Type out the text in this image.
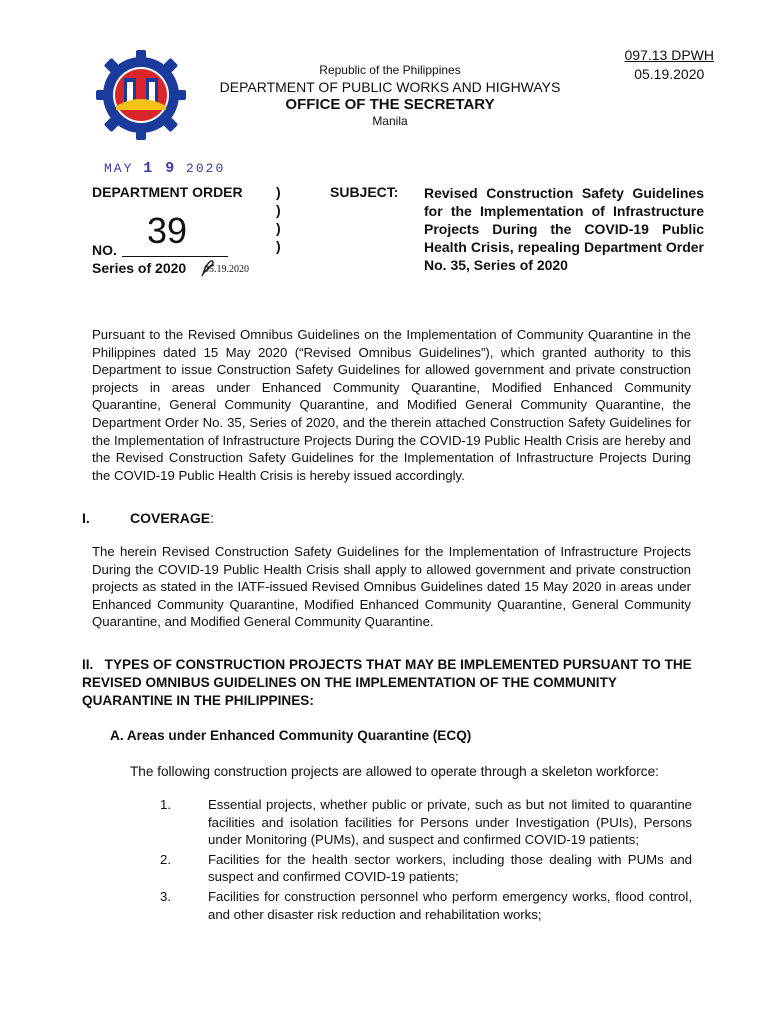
097.13 DPWH
05.19.2020
Republic of the Philippines
DEPARTMENT OF PUBLIC WORKS AND HIGHWAYS
OFFICE OF THE SECRETARY
Manila
MAY 1 9 2020
DEPARTMENT ORDER
39
NO.
Series of 2020 05.19.2020
)
)
)
)
SUBJECT: Revised Construction Safety Guidelines for the Implementation of Infrastructure Projects During the COVID-19 Public Health Crisis, repealing Department Order No. 35, Series of 2020
Pursuant to the Revised Omnibus Guidelines on the Implementation of Community Quarantine in the Philippines dated 15 May 2020 (“Revised Omnibus Guidelines”), which granted authority to this Department to issue Construction Safety Guidelines for allowed government and private construction projects in areas under Enhanced Community Quarantine, Modified Enhanced Community Quarantine, General Community Quarantine, and Modified General Community Quarantine, the Department Order No. 35, Series of 2020, and the therein attached Construction Safety Guidelines for the Implementation of Infrastructure Projects During the COVID-19 Public Health Crisis are hereby and the Revised Construction Safety Guidelines for the Implementation of Infrastructure Projects During the COVID-19 Public Health Crisis is hereby issued accordingly.
I.	COVERAGE:
The herein Revised Construction Safety Guidelines for the Implementation of Infrastructure Projects During the COVID-19 Public Health Crisis shall apply to allowed government and private construction projects as stated in the IATF-issued Revised Omnibus Guidelines dated 15 May 2020 in areas under Enhanced Community Quarantine, Modified Enhanced Community Quarantine, General Community Quarantine, and Modified General Community Quarantine.
II.   TYPES OF CONSTRUCTION PROJECTS THAT MAY BE IMPLEMENTED PURSUANT TO THE REVISED OMNIBUS GUIDELINES ON THE IMPLEMENTATION OF THE COMMUNITY QUARANTINE IN THE PHILIPPINES:
A. Areas under Enhanced Community Quarantine (ECQ)
The following construction projects are allowed to operate through a skeleton workforce:
1.	Essential projects, whether public or private, such as but not limited to quarantine facilities and isolation facilities for Persons under Investigation (PUIs), Persons under Monitoring (PUMs), and suspect and confirmed COVID-19 patients;
2.	Facilities for the health sector workers, including those dealing with PUMs and suspect and confirmed COVID-19 patients;
3.	Facilities for construction personnel who perform emergency works, flood control, and other disaster risk reduction and rehabilitation works;
